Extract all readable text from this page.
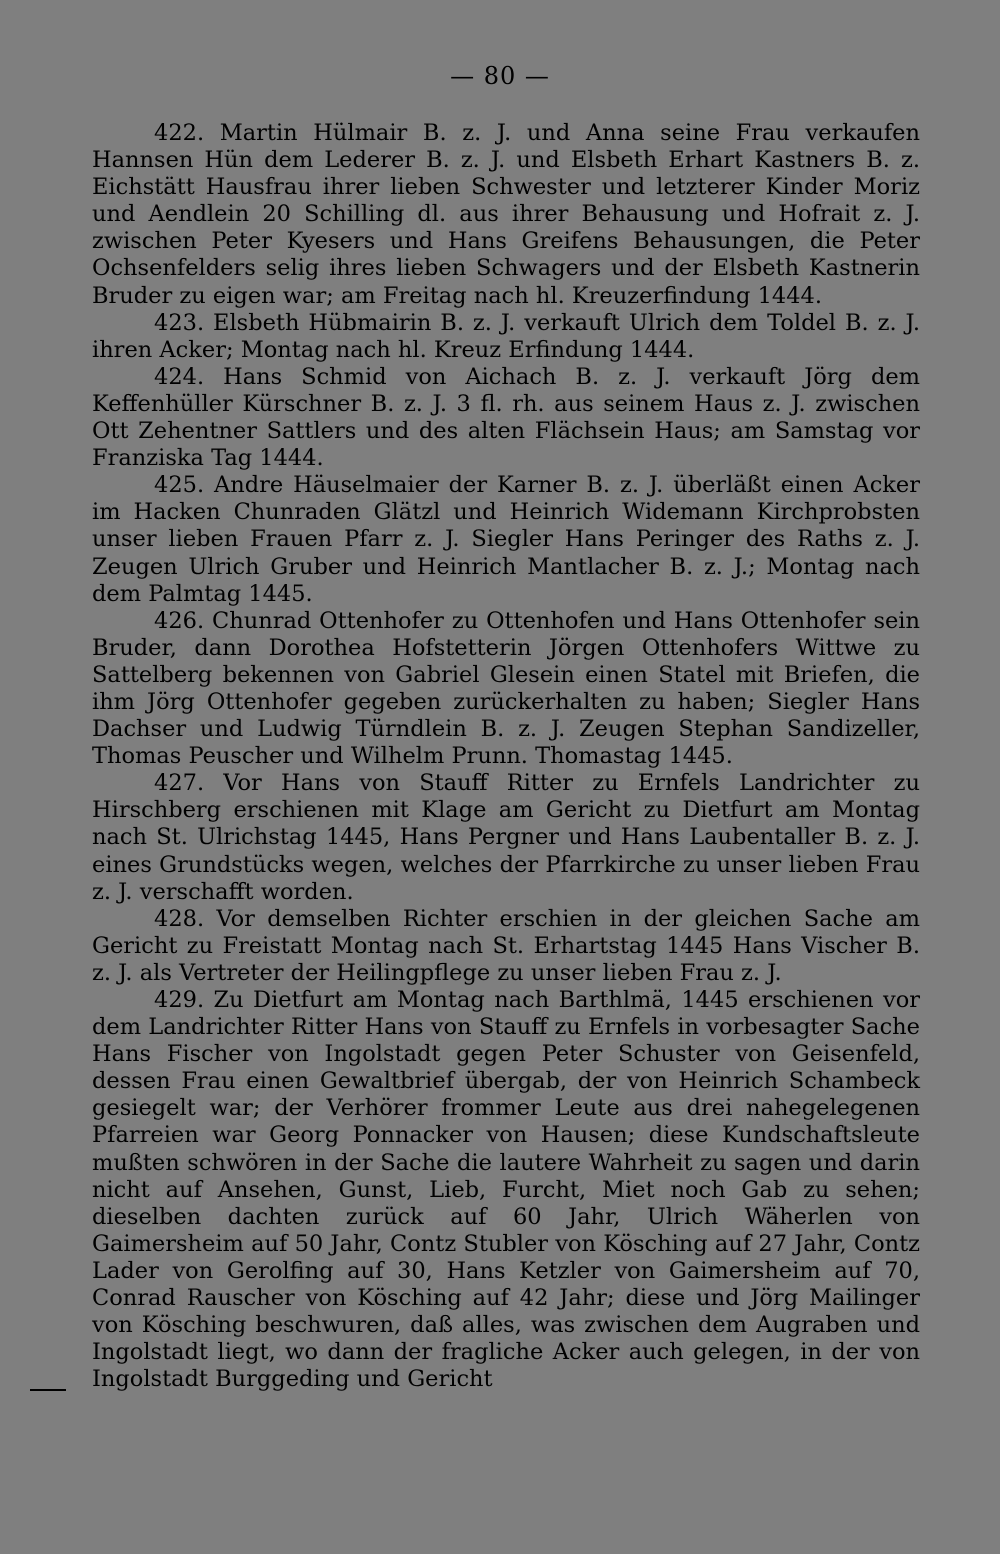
— 80 —

422. Martin Hülmair B. z. J. und Anna seine Frau verkaufen Hannsen Hün dem Lederer B. z. J. und Elsbeth Erhart Kastners B. z. Eichstätt Hausfrau ihrer lieben Schwester und letzterer Kinder Moriz und Aendlein 20 Schilling dl. aus ihrer Behausung und Hofrait z. J. zwischen Peter Kyesers und Hans Greifens Behausungen, die Peter Ochsenfelders selig ihres lieben Schwagers und der Elsbeth Kastnerin Bruder zu eigen war; am Freitag nach hl. Kreuzerfindung 1444.

423. Elsbeth Hübmairin B. z. J. verkauft Ulrich dem Toldel B. z. J. ihren Acker; Montag nach hl. Kreuz Erfindung 1444.

424. Hans Schmid von Aichach B. z. J. verkauft Jörg dem Keffenhüller Kürschner B. z. J. 3 fl. rh. aus seinem Haus z. J. zwischen Ott Zehentner Sattlers und des alten Flächsein Haus; am Samstag vor Franziska Tag 1444.

425. Andre Häuselmaier der Karner B. z. J. überläßt einen Acker im Hacken Chunraden Glätzl und Heinrich Widemann Kirchprobsten unser lieben Frauen Pfarr z. J. Siegler Hans Peringer des Raths z. J. Zeugen Ulrich Gruber und Heinrich Mantlacher B. z. J.; Montag nach dem Palmtag 1445.

426. Chunrad Ottenhofer zu Ottenhofen und Hans Ottenhofer sein Bruder, dann Dorothea Hofstetterin Jörgen Ottenhofers Wittwe zu Sattelberg bekennen von Gabriel Glesein einen Statel mit Briefen, die ihm Jörg Ottenhofer gegeben zurückerhalten zu haben; Siegler Hans Dachser und Ludwig Türndlein B. z. J. Zeugen Stephan Sandizeller, Thomas Peuscher und Wilhelm Prunn. Thomastag 1445.

427. Vor Hans von Stauff Ritter zu Ernfels Landrichter zu Hirschberg erschienen mit Klage am Gericht zu Dietfurt am Montag nach St. Ulrichstag 1445, Hans Pergner und Hans Laubentaller B. z. J. eines Grundstücks wegen, welches der Pfarrkirche zu unser lieben Frau z. J. verschafft worden.

428. Vor demselben Richter erschien in der gleichen Sache am Gericht zu Freistatt Montag nach St. Erhartstag 1445 Hans Vischer B. z. J. als Vertreter der Heilingpflege zu unser lieben Frau z. J.

429. Zu Dietfurt am Montag nach Barthlmä, 1445 erschienen vor dem Landrichter Ritter Hans von Stauff zu Ernfels in vorbesagter Sache Hans Fischer von Ingolstadt gegen Peter Schuster von Geisenfeld, dessen Frau einen Gewaltbrief übergab, der von Heinrich Schambeck gesiegelt war; der Verhörer frommer Leute aus drei nahegelegenen Pfarreien war Georg Ponnacker von Hausen; diese Kundschaftsleute mußten schwören in der Sache die lautere Wahrheit zu sagen und darin nicht auf Ansehen, Gunst, Lieb, Furcht, Miet noch Gab zu sehen; dieselben dachten zurück auf 60 Jahr, Ulrich Wäherlen von Gaimersheim auf 50 Jahr, Contz Stubler von Kösching auf 27 Jahr, Contz Lader von Gerolfing auf 30, Hans Ketzler von Gaimersheim auf 70, Conrad Rauscher von Kösching auf 42 Jahr; diese und Jörg Mailinger von Kösching beschwuren, daß alles, was zwischen dem Augraben und Ingolstadt liegt, wo dann der fragliche Acker auch gelegen, in der von Ingolstadt Burggeding und Gericht
